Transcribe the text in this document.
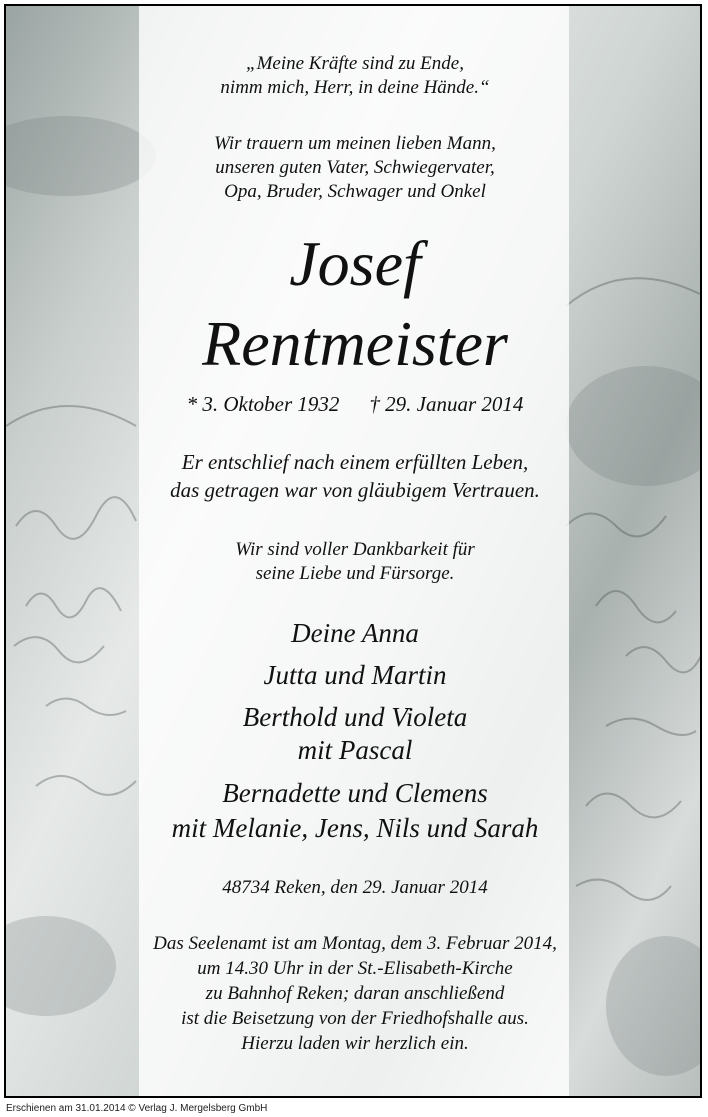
„Meine Kräfte sind zu Ende,
nimm mich, Herr, in deine Hände.“
Wir trauern um meinen lieben Mann,
unseren guten Vater, Schwiegervater,
Opa, Bruder, Schwager und Onkel
Josef
Rentmeister
* 3. Oktober 1932 † 29. Januar 2014
Er entschlief nach einem erfüllten Leben,
das getragen war von gläubigem Vertrauen.
Wir sind voller Dankbarkeit für
seine Liebe und Fürsorge.
Deine Anna
Jutta und Martin
Berthold und Violeta
mit Pascal
Bernadette und Clemens
mit Melanie, Jens, Nils und Sarah
48734 Reken, den 29. Januar 2014
Das Seelenamt ist am Montag, dem 3. Februar 2014,
um 14.30 Uhr in der St.-Elisabeth-Kirche
zu Bahnhof Reken; daran anschließend
ist die Beisetzung von der Friedhofshalle aus.
Hierzu laden wir herzlich ein.
Erschienen am 31.01.2014 © Verlag J. Mergelsberg GmbH
